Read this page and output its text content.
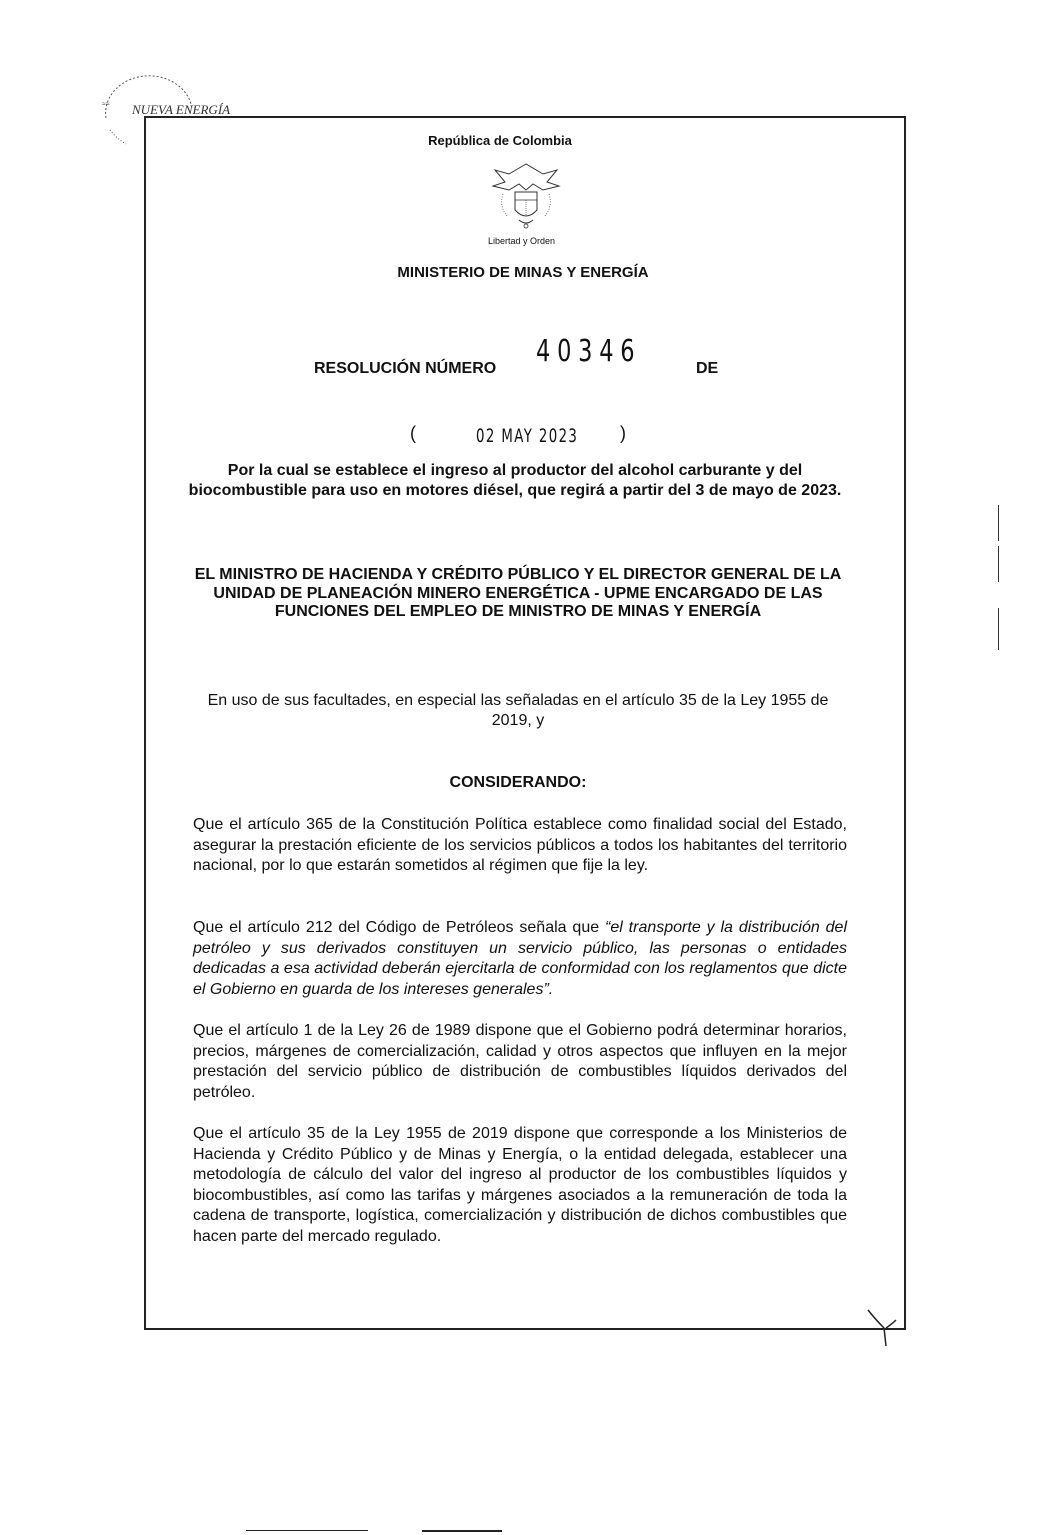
NUEVA ENERGÍA
≈≈
República de Colombia
Libertad y Orden
MINISTERIO DE MINAS Y ENERGÍA
RESOLUCIÓN NÚMERO 40346	DE
(	02 MAY 2023 )
Por la cual se establece el ingreso al productor del alcohol carburante y del biocombustible para uso en motores diésel, que regirá a partir del 3 de mayo de 2023.
EL MINISTRO DE HACIENDA Y CRÉDITO PÚBLICO Y EL DIRECTOR GENERAL DE LA UNIDAD DE PLANEACIÓN MINERO ENERGÉTICA - UPME ENCARGADO DE LAS FUNCIONES DEL EMPLEO DE MINISTRO DE MINAS Y ENERGÍA
En uso de sus facultades, en especial las señaladas en el artículo 35 de la Ley 1955 de 2019, y
CONSIDERANDO:
Que el artículo 365 de la Constitución Política establece como finalidad social del Estado, asegurar la prestación eficiente de los servicios públicos a todos los habitantes del territorio nacional, por lo que estarán sometidos al régimen que fije la ley.
Que el artículo 212 del Código de Petróleos señala que “el transporte y la distribución del petróleo y sus derivados constituyen un servicio público, las personas o entidades dedicadas a esa actividad deberán ejercitarla de conformidad con los reglamentos que dicte el Gobierno en guarda de los intereses generales”.
Que el artículo 1 de la Ley 26 de 1989 dispone que el Gobierno podrá determinar horarios, precios, márgenes de comercialización, calidad y otros aspectos que influyen en la mejor prestación del servicio público de distribución de combustibles líquidos derivados del petróleo.
Que el artículo 35 de la Ley 1955 de 2019 dispone que corresponde a los Ministerios de Hacienda y Crédito Público y de Minas y Energía, o la entidad delegada, establecer una metodología de cálculo del valor del ingreso al productor de los combustibles líquidos y biocombustibles, así como las tarifas y márgenes asociados a la remuneración de toda la cadena de transporte, logística, comercialización y distribución de dichos combustibles que hacen parte del mercado regulado.
